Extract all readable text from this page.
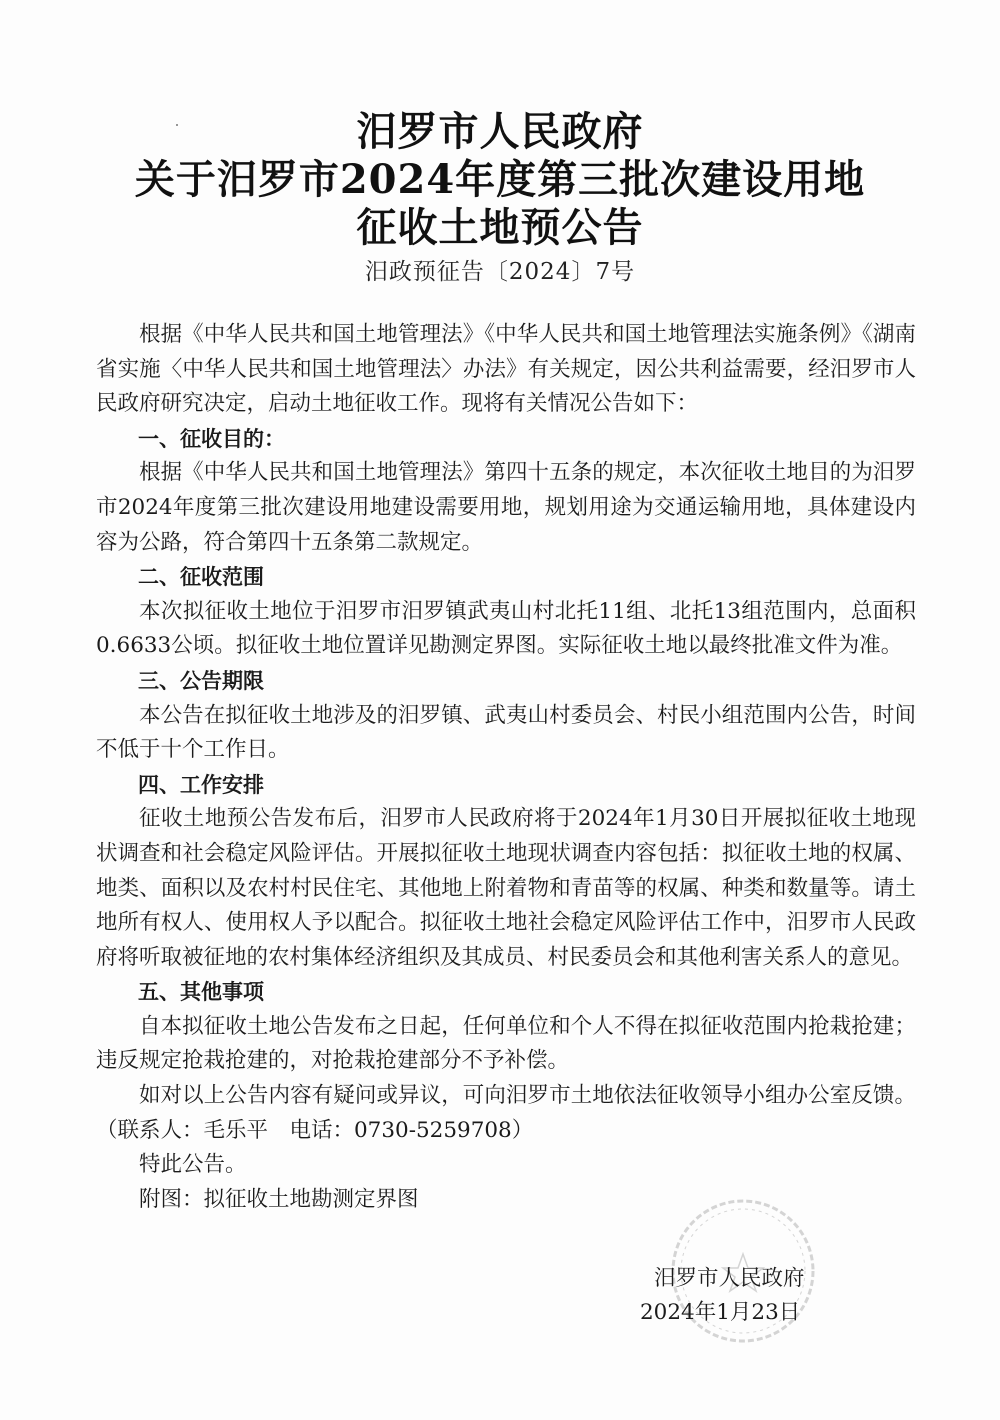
汨罗市人民政府
关于汨罗市2024年度第三批次建设用地
征收土地预公告
汨政预征告〔2024〕7号

根据《中华人民共和国土地管理法》《中华人民共和国土地管理法实施条例》《湖南省实施〈中华人民共和国土地管理法〉办法》有关规定，因公共利益需要，经汨罗市人民政府研究决定，启动土地征收工作。现将有关情况公告如下：

一、征收目的：

根据《中华人民共和国土地管理法》第四十五条的规定，本次征收土地目的为汨罗市2024年度第三批次建设用地建设需要用地，规划用途为交通运输用地，具体建设内容为公路，符合第四十五条第二款规定。

二、征收范围

本次拟征收土地位于汨罗市汨罗镇武夷山村北托11组、北托13组范围内，总面积0.6633公顷。拟征收土地位置详见勘测定界图。实际征收土地以最终批准文件为准。

三、公告期限

本公告在拟征收土地涉及的汨罗镇、武夷山村委员会、村民小组范围内公告，时间不低于十个工作日。

四、工作安排

征收土地预公告发布后，汨罗市人民政府将于2024年1月30日开展拟征收土地现状调查和社会稳定风险评估。开展拟征收土地现状调查内容包括：拟征收土地的权属、地类、面积以及农村村民住宅、其他地上附着物和青苗等的权属、种类和数量等。请土地所有权人、使用权人予以配合。拟征收土地社会稳定风险评估工作中，汨罗市人民政府将听取被征地的农村集体经济组织及其成员、村民委员会和其他利害关系人的意见。

五、其他事项

自本拟征收土地公告发布之日起，任何单位和个人不得在拟征收范围内抢栽抢建；违反规定抢栽抢建的，对抢栽抢建部分不予补偿。

如对以上公告内容有疑问或异议，可向汨罗市土地依法征收领导小组办公室反馈。（联系人：毛乐平　电话：0730-5259708）

特此公告。

附图：拟征收土地勘测定界图

汨罗市人民政府
2024年1月23日
